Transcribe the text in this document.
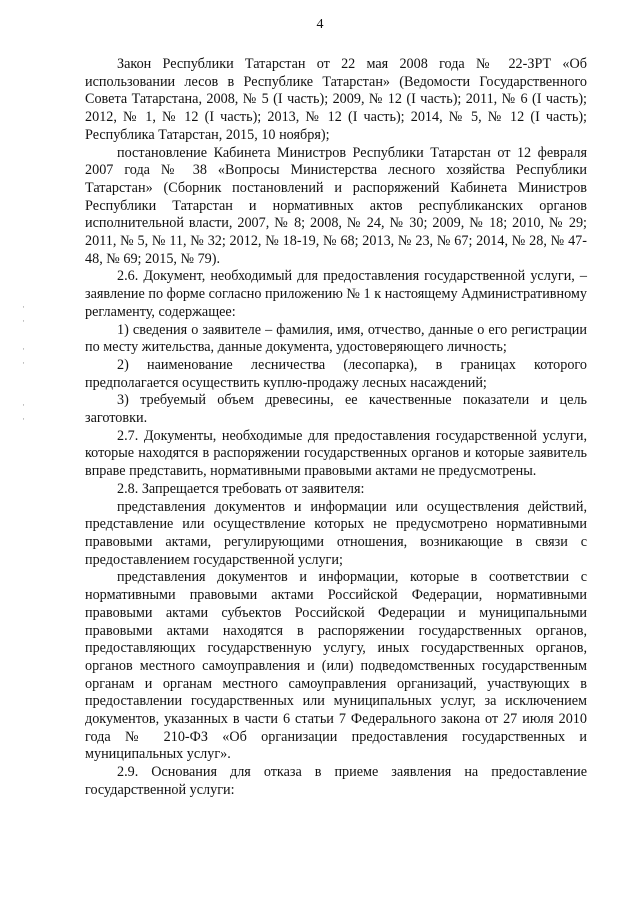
4
·
·

·
·

·
·

Закон Республики Татарстан от 22 мая 2008 года № 22-ЗРТ «Об использовании лесов в Республике Татарстан» (Ведомости Государственного Совета Татарстана, 2008, № 5 (I часть); 2009, № 12 (I часть); 2011, № 6 (I часть); 2012, № 1, № 12 (I часть); 2013, № 12 (I часть); 2014, № 5, № 12 (I часть); Республика Татарстан, 2015, 10 ноября);

постановление Кабинета Министров Республики Татарстан от 12 февраля 2007 года № 38 «Вопросы Министерства лесного хозяйства Республики Татарстан» (Сборник постановлений и распоряжений Кабинета Министров Республики Татарстан и нормативных актов республиканских органов исполнительной власти, 2007, № 8; 2008, № 24, № 30; 2009, № 18; 2010, № 29; 2011, № 5, № 11, № 32; 2012, № 18-19, № 68; 2013, № 23, № 67; 2014, № 28, № 47-48, № 69; 2015, № 79).

2.6. Документ, необходимый для предоставления государственной услуги, – заявление по форме согласно приложению № 1 к настоящему Административному регламенту, содержащее:

1) сведения о заявителе – фамилия, имя, отчество, данные о его регистрации по месту жительства, данные документа, удостоверяющего личность;

2) наименование лесничества (лесопарка), в границах которого предполагается осуществить куплю-продажу лесных насаждений;

3) требуемый объем древесины, ее качественные показатели и цель заготовки.

2.7. Документы, необходимые для предоставления государственной услуги, которые находятся в распоряжении государственных органов и которые заявитель вправе представить, нормативными правовыми актами не предусмотрены.

2.8. Запрещается требовать от заявителя:

представления документов и информации или осуществления действий, представление или осуществление которых не предусмотрено нормативными правовыми актами, регулирующими отношения, возникающие в связи с предоставлением государственной услуги;

представления документов и информации, которые в соответствии с нормативными правовыми актами Российской Федерации, нормативными правовыми актами субъектов Российской Федерации и муниципальными правовыми актами находятся в распоряжении государственных органов, предоставляющих государственную услугу, иных государственных органов, органов местного самоуправления и (или) подведомственных государственным органам и органам местного самоуправления организаций, участвующих в предоставлении государственных или муниципальных услуг, за исключением документов, указанных в части 6 статьи 7 Федерального закона от 27 июля 2010 года № 210-ФЗ «Об организации предоставления государственных и муниципальных услуг».

2.9. Основания для отказа в приеме заявления на предоставление государственной услуги:
